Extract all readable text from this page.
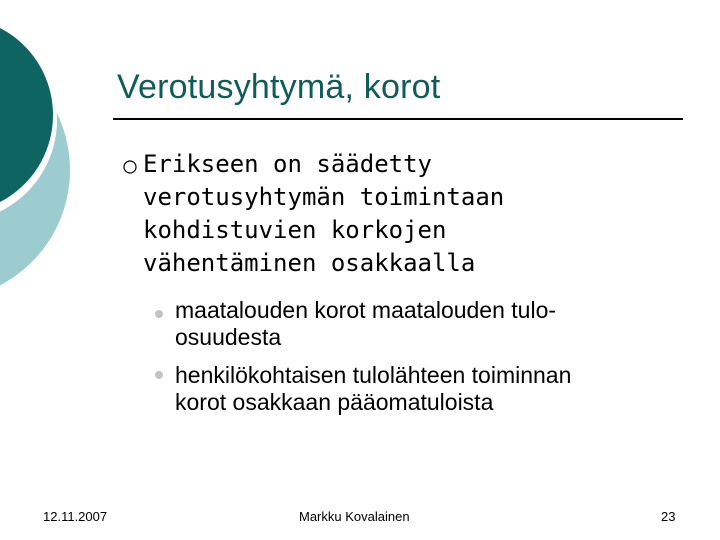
Verotusyhtymä, korot
Erikseen on säädetty
verotusyhtymän toimintaan
kohdistuvien korkojen
vähentäminen osakkaalla
maatalouden korot maatalouden tulo-
osuudesta
henkilökohtaisen tulolähteen toiminnan
korot osakkaan pääomatuloista
12.11.2007	Markku Kovalainen	23
